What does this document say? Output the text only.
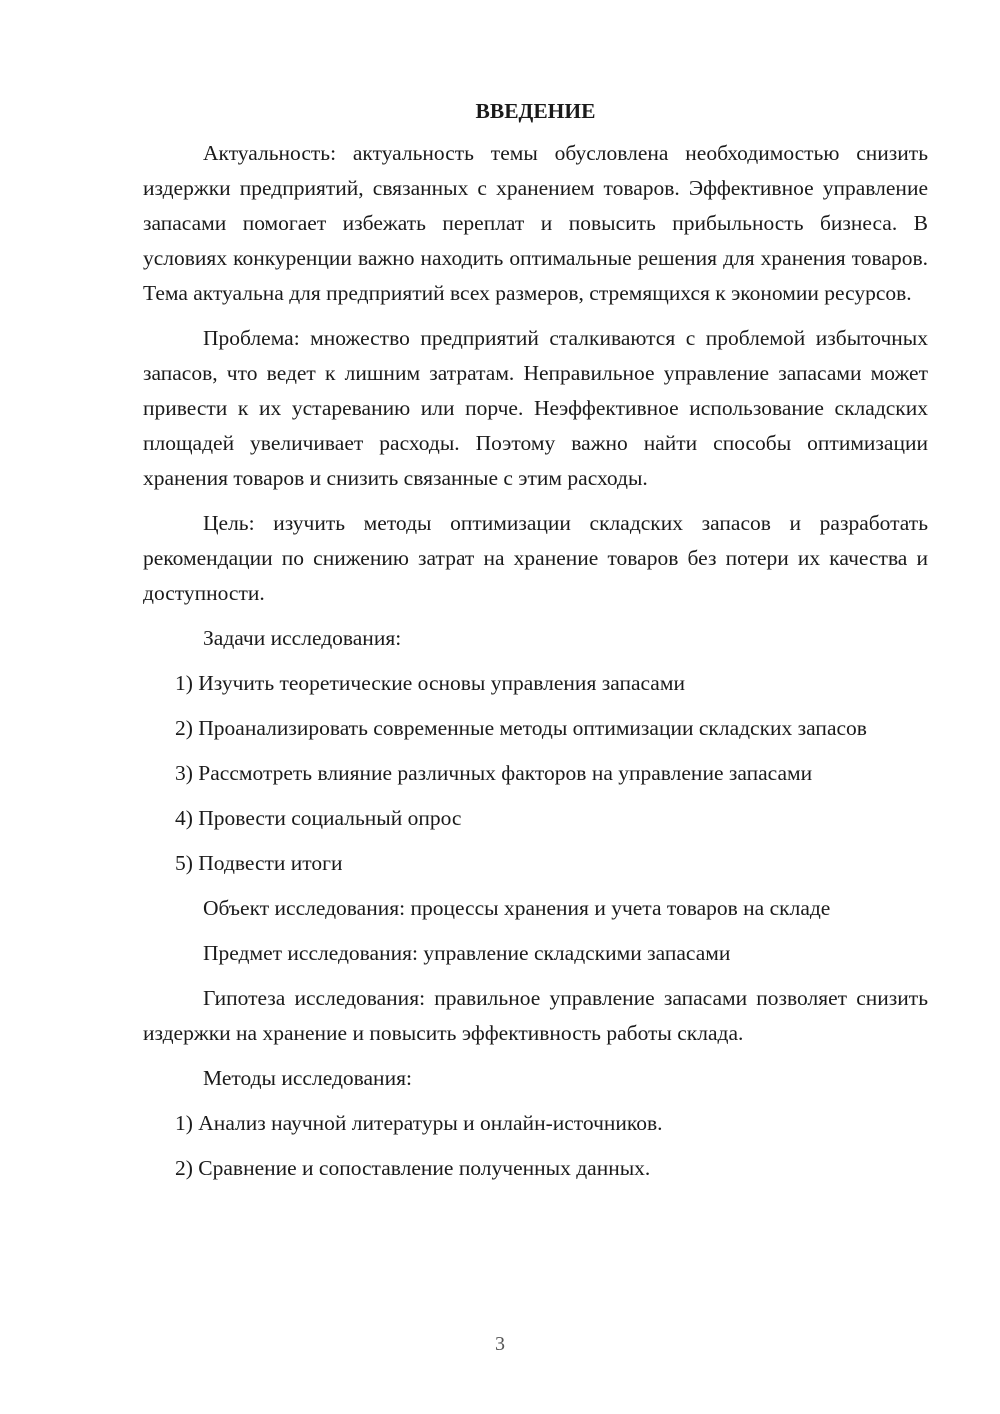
ВВЕДЕНИЕ

Актуальность: актуальность темы обусловлена необходимостью снизить издержки предприятий, связанных с хранением товаров. Эффективное управление запасами помогает избежать переплат и повысить прибыльность бизнеса. В условиях конкуренции важно находить оптимальные решения для хранения товаров. Тема актуальна для предприятий всех размеров, стремящихся к экономии ресурсов.

Проблема: множество предприятий сталкиваются с проблемой избыточных запасов, что ведет к лишним затратам. Неправильное управление запасами может привести к их устареванию или порче. Неэффективное использование складских площадей увеличивает расходы. Поэтому важно найти способы оптимизации хранения товаров и снизить связанные с этим расходы.

Цель: изучить методы оптимизации складских запасов и разработать рекомендации по снижению затрат на хранение товаров без потери их качества и доступности.

Задачи исследования:

1) Изучить теоретические основы управления запасами

2) Проанализировать современные методы оптимизации складских запасов

3) Рассмотреть влияние различных факторов на управление запасами

4) Провести социальный опрос

5) Подвести итоги

Объект исследования: процессы хранения и учета товаров на складе

Предмет исследования: управление складскими запасами

Гипотеза исследования: правильное управление запасами позволяет снизить издержки на хранение и повысить эффективность работы склада.

Методы исследования:

1) Анализ научной литературы и онлайн-источников.

2) Сравнение и сопоставление полученных данных.

3
